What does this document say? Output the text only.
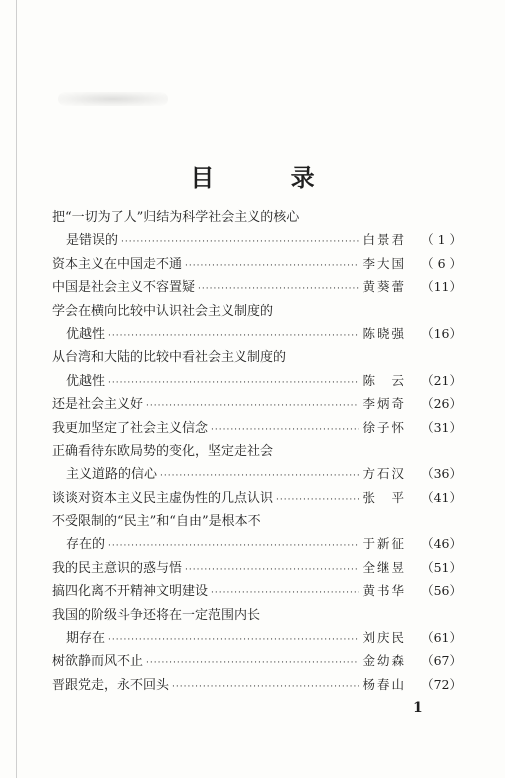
目 录
把“一切为了人”归结为科学社会主义的核心
是错误的 ·····	白景君	（ 1 ）
资本主义在中国走不通 ·····	李大国	（ 6 ）
中国是社会主义不容置疑 ·····	黄葵蕾	（11）
学会在横向比较中认识社会主义制度的
优越性 ·····	陈晓强	（16）
从台湾和大陆的比较中看社会主义制度的
优越性 ·····	陈　云	（21）
还是社会主义好 ·····	李炳奇	（26）
我更加坚定了社会主义信念 ·····	徐子怀	（31）
正确看待东欧局势的变化，坚定走社会
主义道路的信心 ·····	方石汉	（36）
谈谈对资本主义民主虚伪性的几点认识 ·····	张　平	（41）
不受限制的“民主”和“自由”是根本不
存在的 ·····	于新征	（46）
我的民主意识的惑与悟 ·····	全继昱	（51）
搞四化离不开精神文明建设 ·····	黄书华	（56）
我国的阶级斗争还将在一定范围内长
期存在 ·····	刘庆民	（61）
树欲静而风不止 ·····	金幼森	（67）
晋跟党走，永不回头 ·····	杨春山	（72）
1
